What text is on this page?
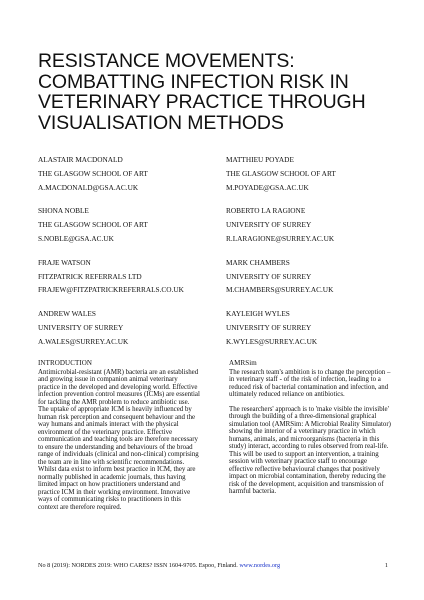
RESISTANCE MOVEMENTS:
COMBATTING INFECTION RISK IN
VETERINARY PRACTICE THROUGH
VISUALISATION METHODS
ALASTAIR MACDONALD
THE GLASGOW SCHOOL OF ART
A.MACDONALD@GSA.AC.UK
MATTHIEU POYADE
THE GLASGOW SCHOOL OF ART
M.POYADE@GSA.AC.UK
SHONA NOBLE
THE GLASGOW SCHOOL OF ART
S.NOBLE@GSA.AC.UK
ROBERTO LA RAGIONE
UNIVERSITY OF SURREY
R.LARAGIONE@SURREY.AC.UK
FRAJE WATSON
FITZPATRICK REFERRALS LTD
FRAJEW@FITZPATRICKREFERRALS.CO.UK
MARK CHAMBERS
UNIVERSITY OF SURREY
M.CHAMBERS@SURREY.AC.UK
ANDREW WALES
UNIVERSITY OF SURREY
A.WALES@SURREY.AC.UK
KAYLEIGH WYLES
UNIVERSITY OF SURREY
K.WYLES@SURREY.AC.UK
INTRODUCTION

Antimicrobial-resistant (AMR) bacteria are an established and growing issue in companion animal veterinary practice in the developed and developing world. Effective infection prevention control measures (ICMs) are essential for tackling the AMR problem to reduce antibiotic use. The uptake of appropriate ICM is heavily influenced by human risk perception and consequent behaviour and the way humans and animals interact with the physical environment of the veterinary practice. Effective communication and teaching tools are therefore necessary to ensure the understanding and behaviours of the broad range of individuals (clinical and non-clinical) comprising the team are in line with scientific recommendations. Whilst data exist to inform best practice in ICM, they are normally published in academic journals, thus having limited impact on how practitioners understand and practice ICM in their working environment. Innovative ways of communicating risks to practitioners in this context are therefore required.

AMRSim

The research team's ambition is to change the perception – in veterinary staff - of the risk of infection, leading to a reduced risk of bacterial contamination and infection, and ultimately reduced reliance on antibiotics.

The researchers' approach is to 'make visible the invisible' through the building of a three-dimensional graphical simulation tool (AMRSim: A Microbial Reality Simulator) showing the interior of a veterinary practice in which humans, animals, and microorganisms (bacteria in this study) interact, according to rules observed from real-life. This will be used to support an intervention, a training session with veterinary practice staff to encourage effective reflective behavioural changes that positively impact on microbial contamination, thereby reducing the risk of the development, acquisition and transmission of harmful bacteria.

No 8 (2019): NORDES 2019: WHO CARES? ISSN 1604-9705. Espoo, Finland. www.nordes.org	1
